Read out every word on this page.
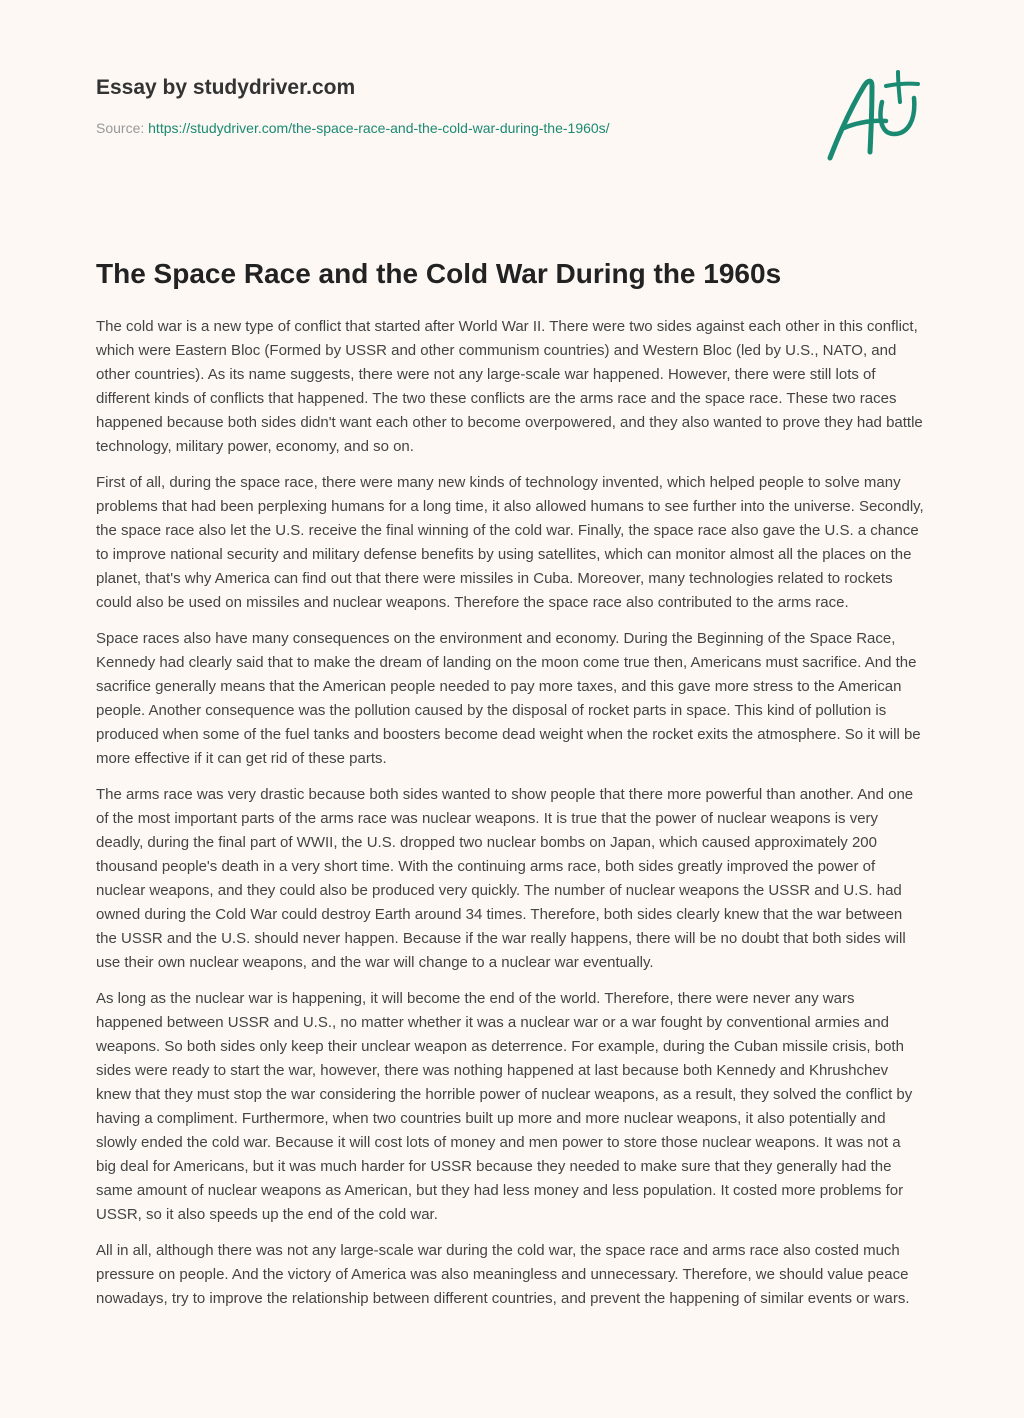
Essay by studydriver.com
Source: https://studydriver.com/the-space-race-and-the-cold-war-during-the-1960s/
The Space Race and the Cold War During the 1960s

The cold war is a new type of conflict that started after World War II. There were two sides against each other in this conflict, which were Eastern Bloc (Formed by USSR and other communism countries) and Western Bloc (led by U.S., NATO, and other countries). As its name suggests, there were not any large-scale war happened. However, there were still lots of different kinds of conflicts that happened. The two these conflicts are the arms race and the space race. These two races happened because both sides didn't want each other to become overpowered, and they also wanted to prove they had battle technology, military power, economy, and so on.

First of all, during the space race, there were many new kinds of technology invented, which helped people to solve many problems that had been perplexing humans for a long time, it also allowed humans to see further into the universe. Secondly, the space race also let the U.S. receive the final winning of the cold war. Finally, the space race also gave the U.S. a chance to improve national security and military defense benefits by using satellites, which can monitor almost all the places on the planet, that's why America can find out that there were missiles in Cuba. Moreover, many technologies related to rockets could also be used on missiles and nuclear weapons. Therefore the space race also contributed to the arms race.

Space races also have many consequences on the environment and economy. During the Beginning of the Space Race, Kennedy had clearly said that to make the dream of landing on the moon come true then, Americans must sacrifice. And the sacrifice generally means that the American people needed to pay more taxes, and this gave more stress to the American people. Another consequence was the pollution caused by the disposal of rocket parts in space. This kind of pollution is produced when some of the fuel tanks and boosters become dead weight when the rocket exits the atmosphere. So it will be more effective if it can get rid of these parts.

The arms race was very drastic because both sides wanted to show people that there more powerful than another. And one of the most important parts of the arms race was nuclear weapons. It is true that the power of nuclear weapons is very deadly, during the final part of WWII, the U.S. dropped two nuclear bombs on Japan, which caused approximately 200 thousand people's death in a very short time. With the continuing arms race, both sides greatly improved the power of nuclear weapons, and they could also be produced very quickly. The number of nuclear weapons the USSR and U.S. had owned during the Cold War could destroy Earth around 34 times. Therefore, both sides clearly knew that the war between the USSR and the U.S. should never happen. Because if the war really happens, there will be no doubt that both sides will use their own nuclear weapons, and the war will change to a nuclear war eventually.

As long as the nuclear war is happening, it will become the end of the world. Therefore, there were never any wars happened between USSR and U.S., no matter whether it was a nuclear war or a war fought by conventional armies and weapons. So both sides only keep their unclear weapon as deterrence. For example, during the Cuban missile crisis, both sides were ready to start the war, however, there was nothing happened at last because both Kennedy and Khrushchev knew that they must stop the war considering the horrible power of nuclear weapons, as a result, they solved the conflict by having a compliment. Furthermore, when two countries built up more and more nuclear weapons, it also potentially and slowly ended the cold war. Because it will cost lots of money and men power to store those nuclear weapons. It was not a big deal for Americans, but it was much harder for USSR because they needed to make sure that they generally had the same amount of nuclear weapons as American, but they had less money and less population. It costed more problems for USSR, so it also speeds up the end of the cold war.

All in all, although there was not any large-scale war during the cold war, the space race and arms race also costed much pressure on people. And the victory of America was also meaningless and unnecessary. Therefore, we should value peace nowadays, try to improve the relationship between different countries, and prevent the happening of similar events or wars.
